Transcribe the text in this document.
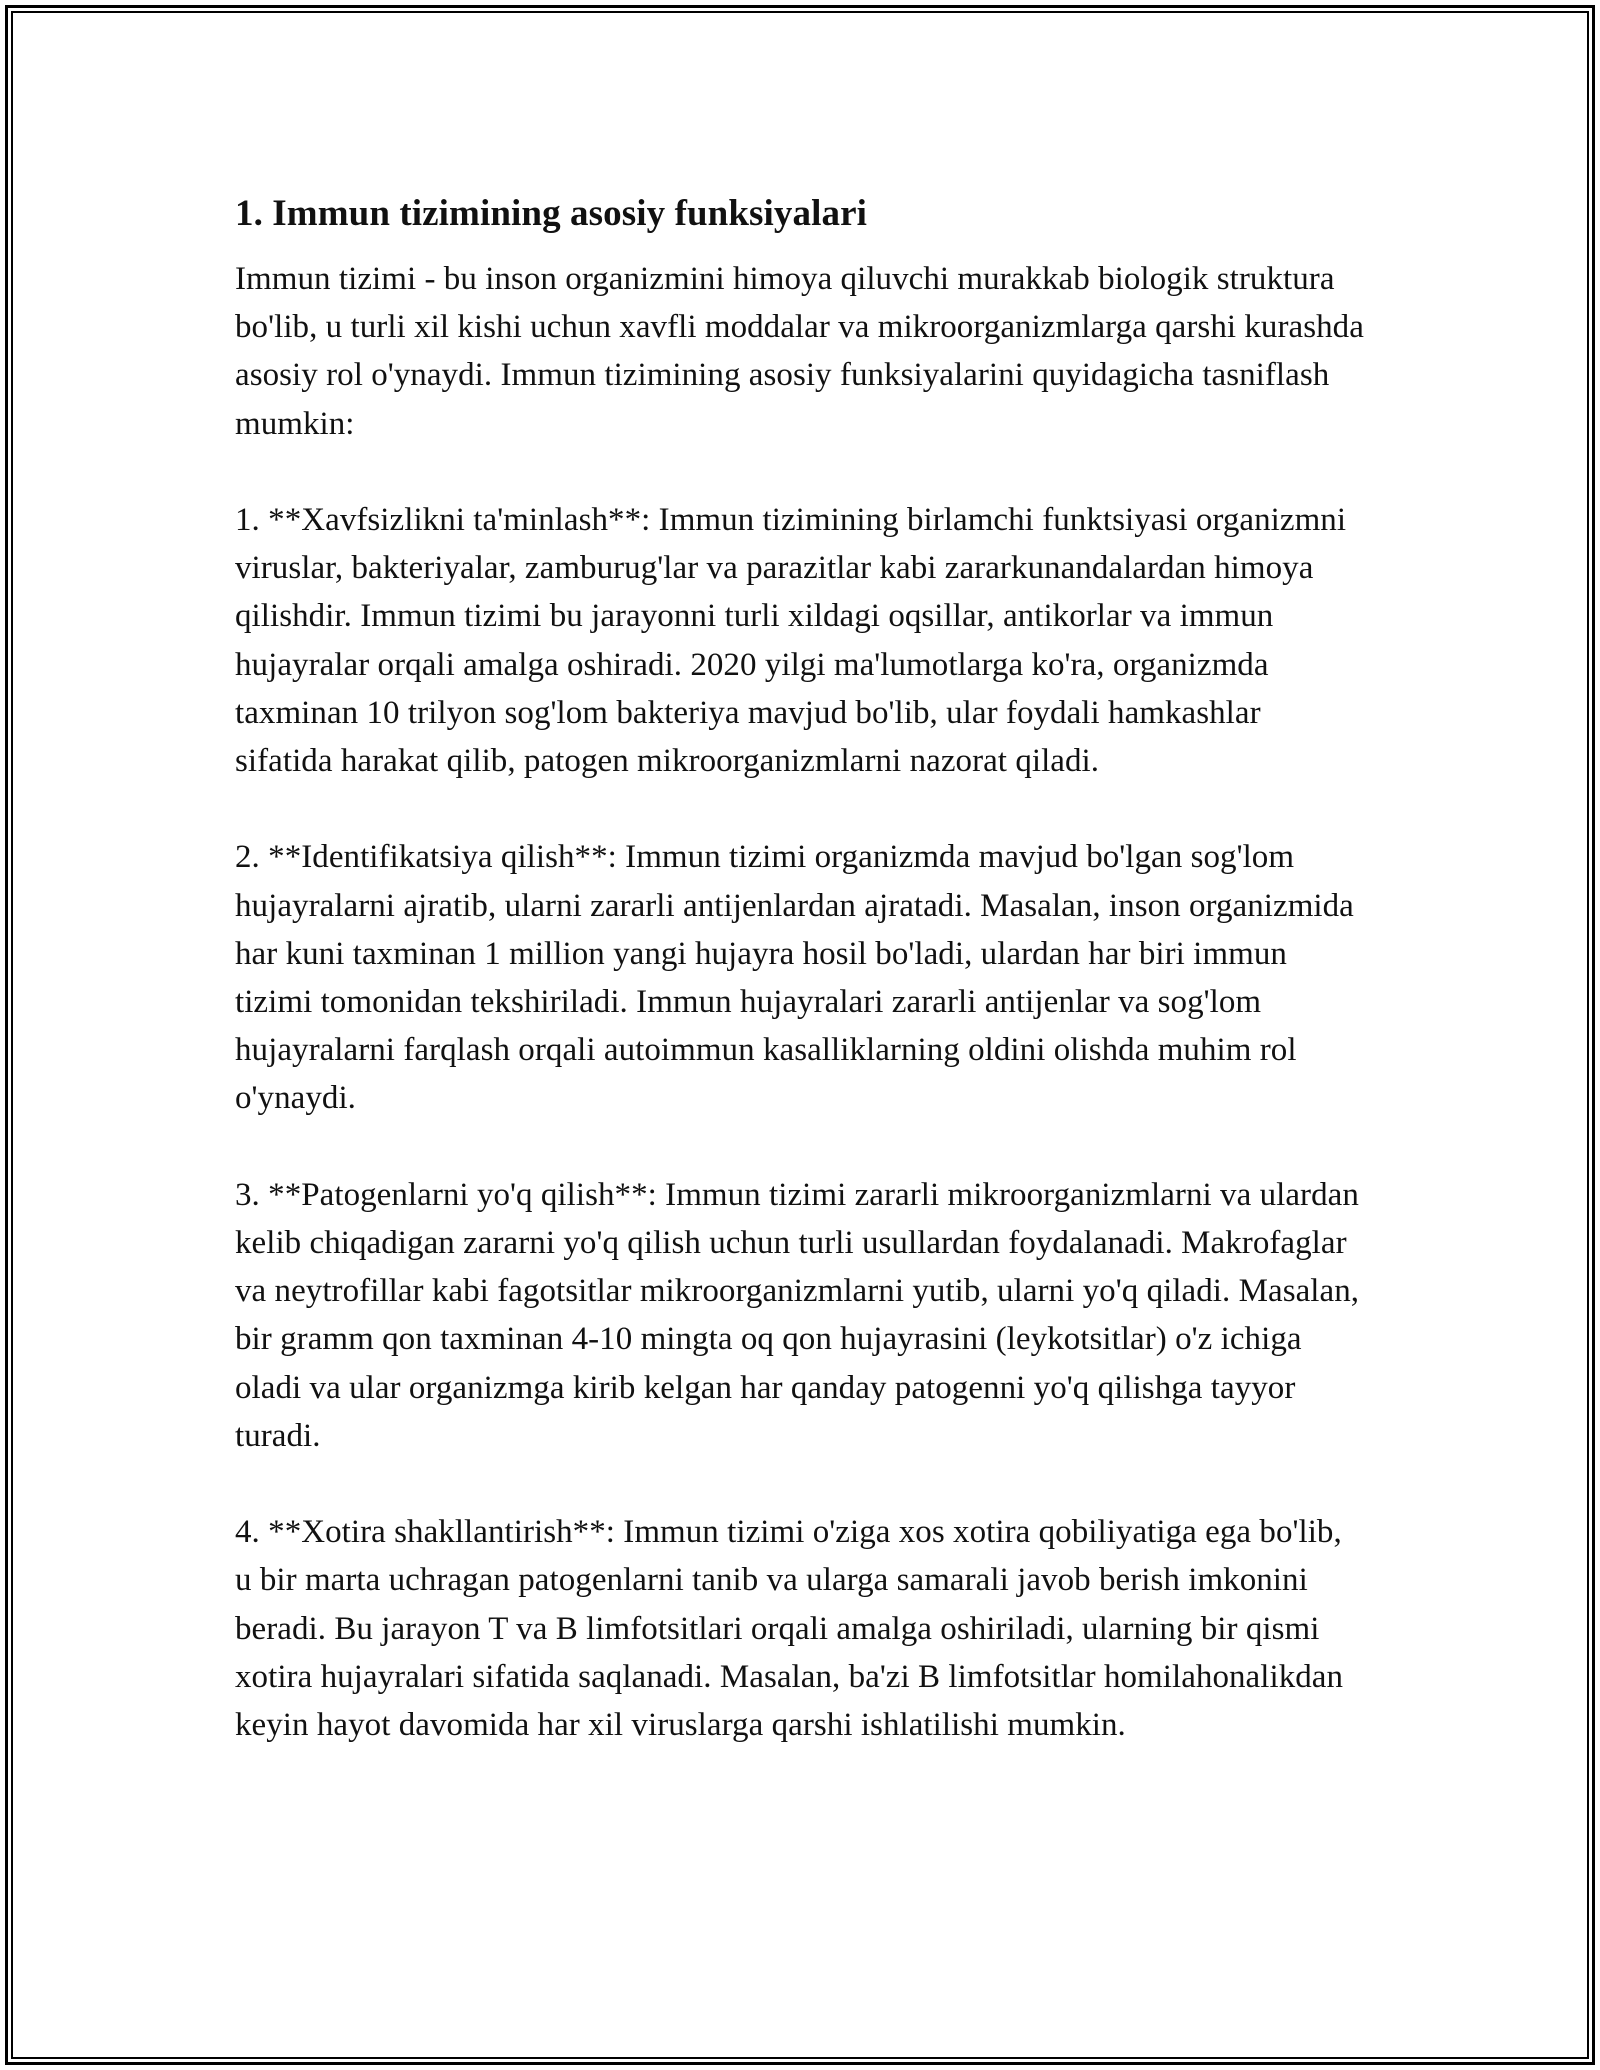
1. Immun tizimining asosiy funksiyalari

Immun tizimi - bu inson organizmini himoya qiluvchi murakkab biologik struktura bo'lib, u turli xil kishi uchun xavfli moddalar va mikroorganizmlarga qarshi kurashda asosiy rol o'ynaydi. Immun tizimining asosiy funksiyalarini quyidagicha tasniflash mumkin:

1. **Xavfsizlikni ta'minlash**: Immun tizimining birlamchi funktsiyasi organizmni viruslar, bakteriyalar, zamburug'lar va parazitlar kabi zararkunandalardan himoya qilishdir. Immun tizimi bu jarayonni turli xildagi oqsillar, antikorlar va immun hujayralar orqali amalga oshiradi. 2020 yilgi ma'lumotlarga ko'ra, organizmda taxminan 10 trilyon sog'lom bakteriya mavjud bo'lib, ular foydali hamkashlar sifatida harakat qilib, patogen mikroorganizmlarni nazorat qiladi.

2. **Identifikatsiya qilish**: Immun tizimi organizmda mavjud bo'lgan sog'lom hujayralarni ajratib, ularni zararli antijenlardan ajratadi. Masalan, inson organizmida har kuni taxminan 1 million yangi hujayra hosil bo'ladi, ulardan har biri immun tizimi tomonidan tekshiriladi. Immun hujayralari zararli antijenlar va sog'lom hujayralarni farqlash orqali autoimmun kasalliklarning oldini olishda muhim rol o'ynaydi.

3. **Patogenlarni yo'q qilish**: Immun tizimi zararli mikroorganizmlarni va ulardan kelib chiqadigan zararni yo'q qilish uchun turli usullardan foydalanadi. Makrofaglar va neytrofillar kabi fagotsitlar mikroorganizmlarni yutib, ularni yo'q qiladi. Masalan, bir gramm qon taxminan 4-10 mingta oq qon hujayrasini (leykotsitlar) o'z ichiga oladi va ular organizmga kirib kelgan har qanday patogenni yo'q qilishga tayyor turadi.

4. **Xotira shakllantirish**: Immun tizimi o'ziga xos xotira qobiliyatiga ega bo'lib, u bir marta uchragan patogenlarni tanib va ularga samarali javob berish imkonini beradi. Bu jarayon T va B limfotsitlari orqali amalga oshiriladi, ularning bir qismi xotira hujayralari sifatida saqlanadi. Masalan, ba'zi B limfotsitlar homilahonalikdan keyin hayot davomida har xil viruslarga qarshi ishlatilishi mumkin.
